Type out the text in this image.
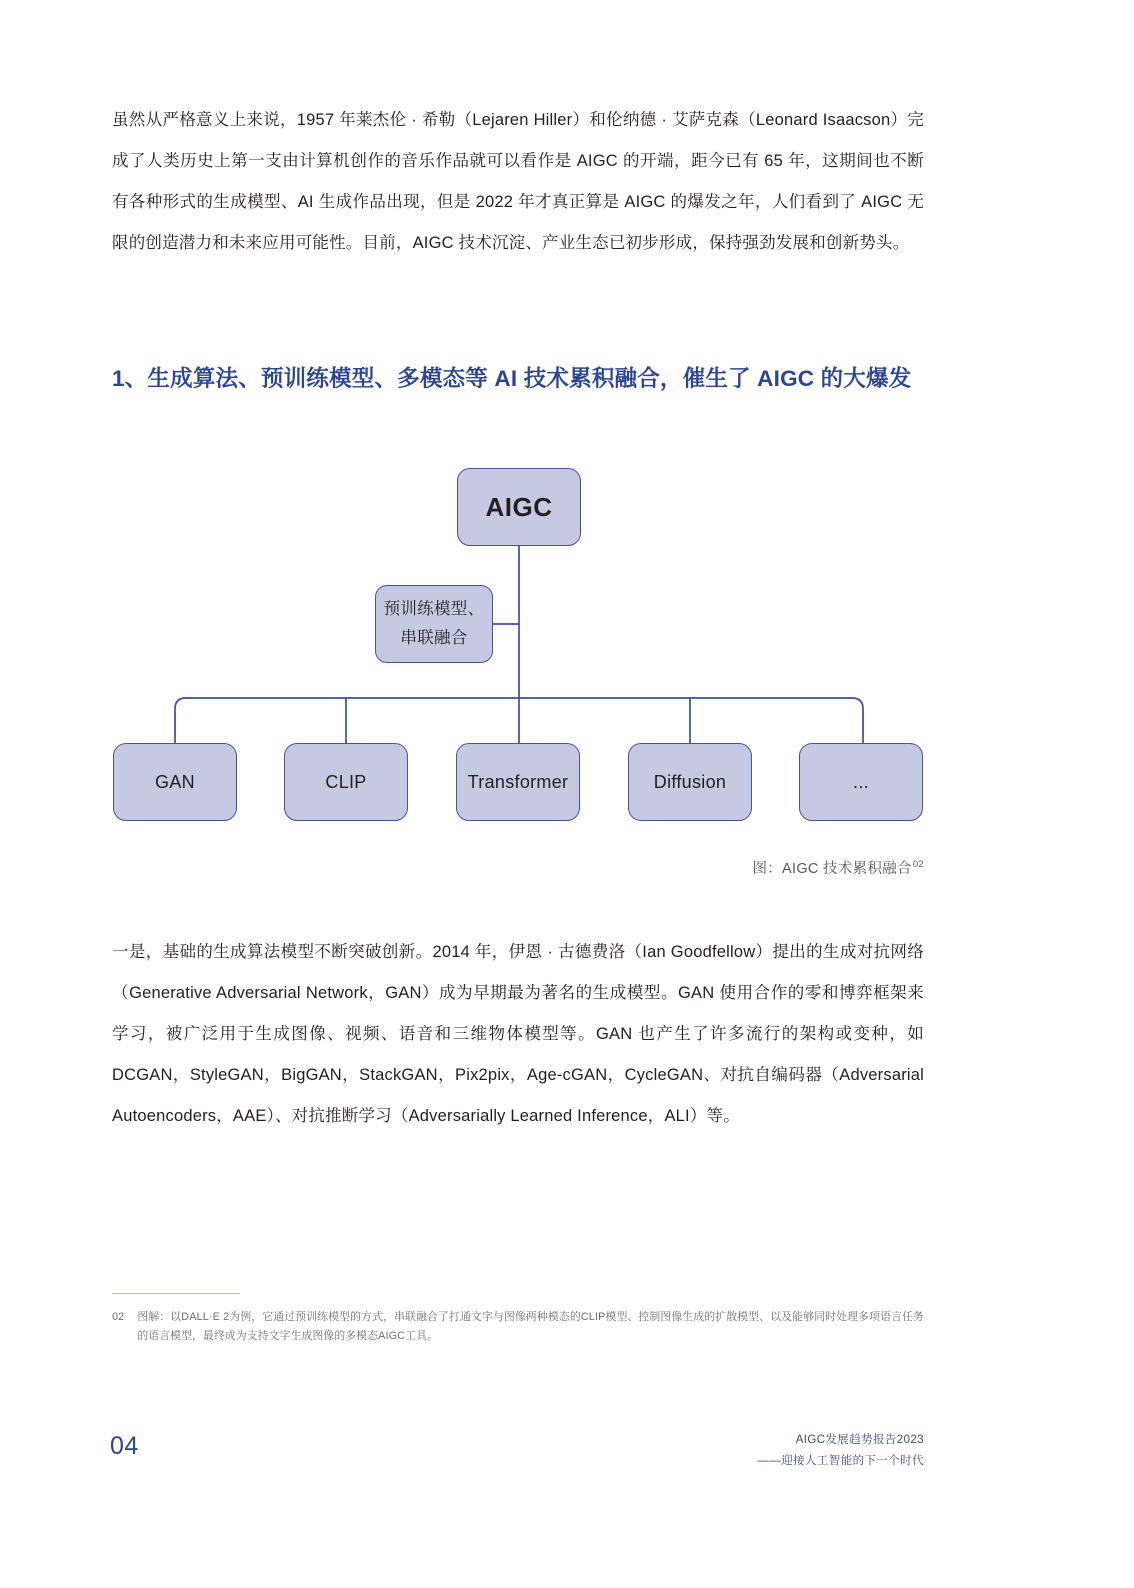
虽然从严格意义上来说，1957 年莱杰伦 · 希勒（Lejaren Hiller）和伦纳德 · 艾萨克森（Leonard Isaacson）完成了人类历史上第一支由计算机创作的音乐作品就可以看作是 AIGC 的开端，距今已有 65 年，这期间也不断有各种形式的生成模型、AI 生成作品出现，但是 2022 年才真正算是 AIGC 的爆发之年，人们看到了 AIGC 无限的创造潜力和未来应用可能性。目前，AIGC 技术沉淀、产业生态已初步形成，保持强劲发展和创新势头。

1、生成算法、预训练模型、多模态等 AI 技术累积融合，催生了 AIGC 的大爆发
AIGC
预训练模型、
串联融合
GAN	CLIP	Transformer	Diffusion	...
图：AIGC 技术累积融合$^{02}$

一是，基础的生成算法模型不断突破创新。2014 年，伊恩 · 古德费洛（Ian Goodfellow）提出的生成对抗网络（Generative Adversarial Network，GAN）成为早期最为著名的生成模型。GAN 使用合作的零和博弈框架来学习，被广泛用于生成图像、视频、语音和三维物体模型等。GAN 也产生了许多流行的架构或变种，如 DCGAN，StyleGAN，BigGAN，StackGAN，Pix2pix，Age-cGAN，CycleGAN、对抗自编码器（Adversarial Autoencoders，AAE）、对抗推断学习（Adversarially Learned Inference，ALI）等。

02 图解：以DALL·E 2为例，它通过预训练模型的方式，串联融合了打通文字与图像两种模态的CLIP模型、控制图像生成的扩散模型、以及能够同时处理多项语言任务的语言模型，最终成为支持文字生成图像的多模态AIGC工具。
04	AIGC发展趋势报告2023
——迎接人工智能的下一个时代
